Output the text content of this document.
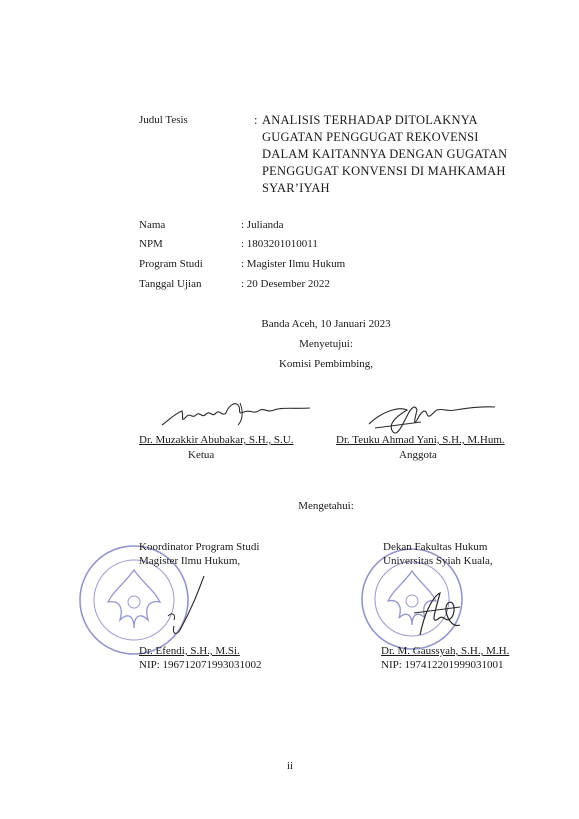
Judul Tesis	: ANALISIS TERHADAP DITOLAKNYA
GUGATAN PENGGUGAT REKOVENSI
DALAM KAITANNYA DENGAN GUGATAN
PENGGUGAT KONVENSI DI MAHKAMAH
SYAR’IYAH
Nama	: Julianda
NPM	: 1803201010011
Program Studi	: Magister Ilmu Hukum
Tanggal Ujian	: 20 Desember 2022
Banda Aceh, 10 Januari 2023
Menyetujui:
Komisi Pembimbing,
Dr. Muzakkir Abubakar, S.H., S.U.
Ketua
Dr. Teuku Ahmad Yani, S.H., M.Hum.
Anggota
Mengetahui:
Koordinator Program Studi
Magister Ilmu Hukum,
Dr. Efendi, S.H., M.Si.
NIP: 196712071993031002
Dekan Fakultas Hukum
Universitas Syiah Kuala,
Dr. M. Gaussyah, S.H., M.H.
NIP: 197412201999031001
ii
